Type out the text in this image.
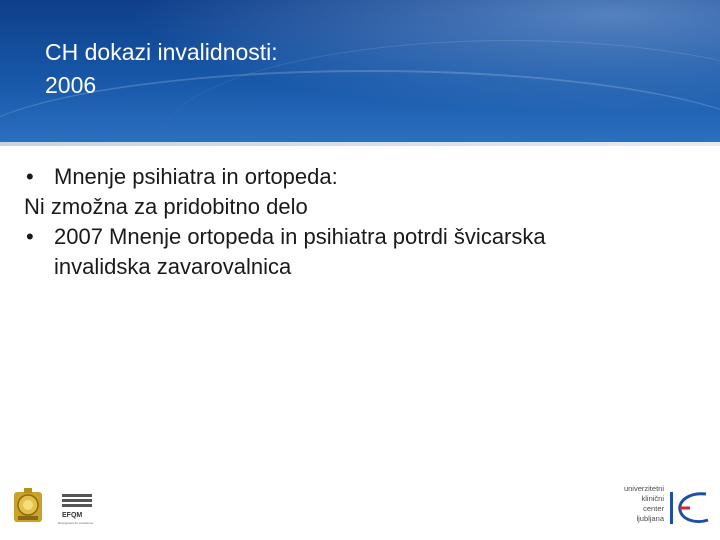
CH dokazi invalidnosti:
2006
• Mnenje psihiatra in ortopeda:
Ni zmožna za pridobitno delo
• 2007 Mnenje ortopeda in psihiatra potrdi švicarska
invalidska zavarovalnica
EFQM
Recognised for excellence
univerzitetni
klinični
center
ljubljana
